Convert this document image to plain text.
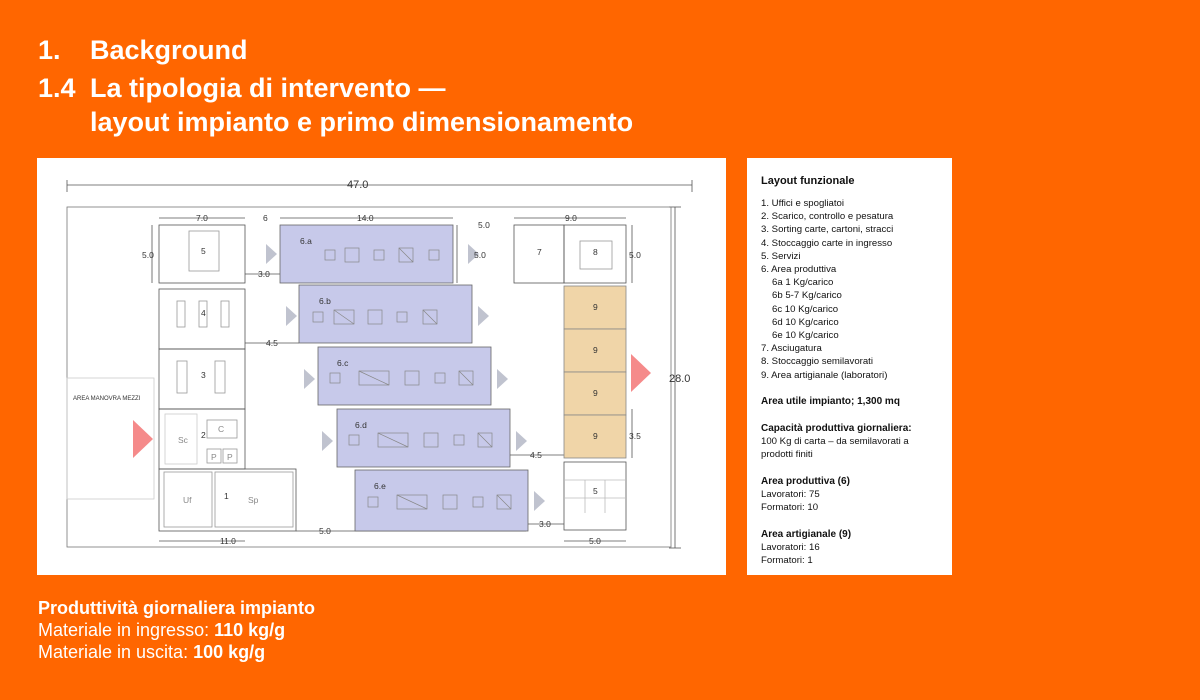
1. Background

1.4 La tipologia di intervento —

layout impianto e primo dimensionamento

47.0
28.0
7.0	6	14.0
5.0
9.0
5.0	5.0	5.0
3.0
4.5
4.5
3.5
3.0
5.0
11.0	5.0
AREA MANOVRA MEZZI
5
4
3
2
Sc
C
P P
1
Uf	Sp
7	8
9
9
9
9
5
6.a
6.b
6.c
6.d
6.e
Layout funzionale
1. Uffici e spogliatoi
2. Scarico, controllo e pesatura
3. Sorting carte, cartoni, stracci
4. Stoccaggio carte in ingresso
5. Servizi
6. Area produttiva
6a 1 Kg/carico
6b 5-7 Kg/carico
6c 10 Kg/carico
6d 10 Kg/carico
6e 10 Kg/carico
7. Asciugatura
8. Stoccaggio semilavorati
9. Area artigianale (laboratori)
Area utile impianto; 1,300 mq
Capacità produttiva giornaliera:
100 Kg di carta – da semilavorati a
prodotti finiti
Area produttiva (6)
Lavoratori: 75
Formatori: 10
Area artigianale (9)
Lavoratori: 16
Formatori: 1
Produttività giornaliera impianto
Materiale in ingresso: 110 kg/g
Materiale in uscita: 100 kg/g
